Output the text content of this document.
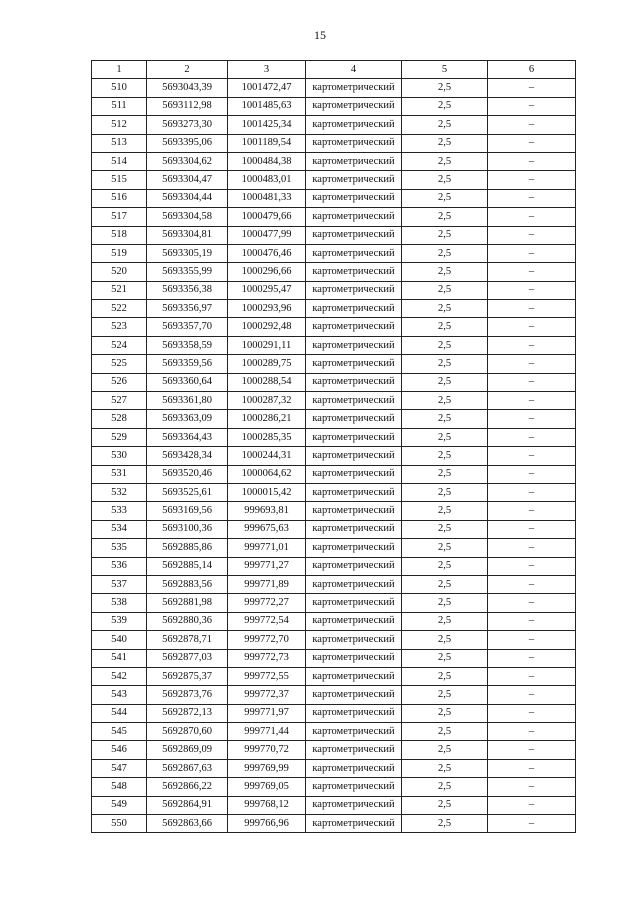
15
1	2	3	4	5	6
510	5693043,39	1001472,47	картометрический	2,5	–
511	5693112,98	1001485,63	картометрический	2,5	–
512	5693273,30	1001425,34	картометрический	2,5	–
513	5693395,06	1001189,54	картометрический	2,5	–
514	5693304,62	1000484,38	картометрический	2,5	–
515	5693304,47	1000483,01	картометрический	2,5	–
516	5693304,44	1000481,33	картометрический	2,5	–
517	5693304,58	1000479,66	картометрический	2,5	–
518	5693304,81	1000477,99	картометрический	2,5	–
519	5693305,19	1000476,46	картометрический	2,5	–
520	5693355,99	1000296,66	картометрический	2,5	–
521	5693356,38	1000295,47	картометрический	2,5	–
522	5693356,97	1000293,96	картометрический	2,5	–
523	5693357,70	1000292,48	картометрический	2,5	–
524	5693358,59	1000291,11	картометрический	2,5	–
525	5693359,56	1000289,75	картометрический	2,5	–
526	5693360,64	1000288,54	картометрический	2,5	–
527	5693361,80	1000287,32	картометрический	2,5	–
528	5693363,09	1000286,21	картометрический	2,5	–
529	5693364,43	1000285,35	картометрический	2,5	–
530	5693428,34	1000244,31	картометрический	2,5	–
531	5693520,46	1000064,62	картометрический	2,5	–
532	5693525,61	1000015,42	картометрический	2,5	–
533	5693169,56	999693,81	картометрический	2,5	–
534	5693100,36	999675,63	картометрический	2,5	–
535	5692885,86	999771,01	картометрический	2,5	–
536	5692885,14	999771,27	картометрический	2,5	–
537	5692883,56	999771,89	картометрический	2,5	–
538	5692881,98	999772,27	картометрический	2,5	–
539	5692880,36	999772,54	картометрический	2,5	–
540	5692878,71	999772,70	картометрический	2,5	–
541	5692877,03	999772,73	картометрический	2,5	–
542	5692875,37	999772,55	картометрический	2,5	–
543	5692873,76	999772,37	картометрический	2,5	–
544	5692872,13	999771,97	картометрический	2,5	–
545	5692870,60	999771,44	картометрический	2,5	–
546	5692869,09	999770,72	картометрический	2,5	–
547	5692867,63	999769,99	картометрический	2,5	–
548	5692866,22	999769,05	картометрический	2,5	–
549	5692864,91	999768,12	картометрический	2,5	–
550	5692863,66	999766,96	картометрический	2,5	–
